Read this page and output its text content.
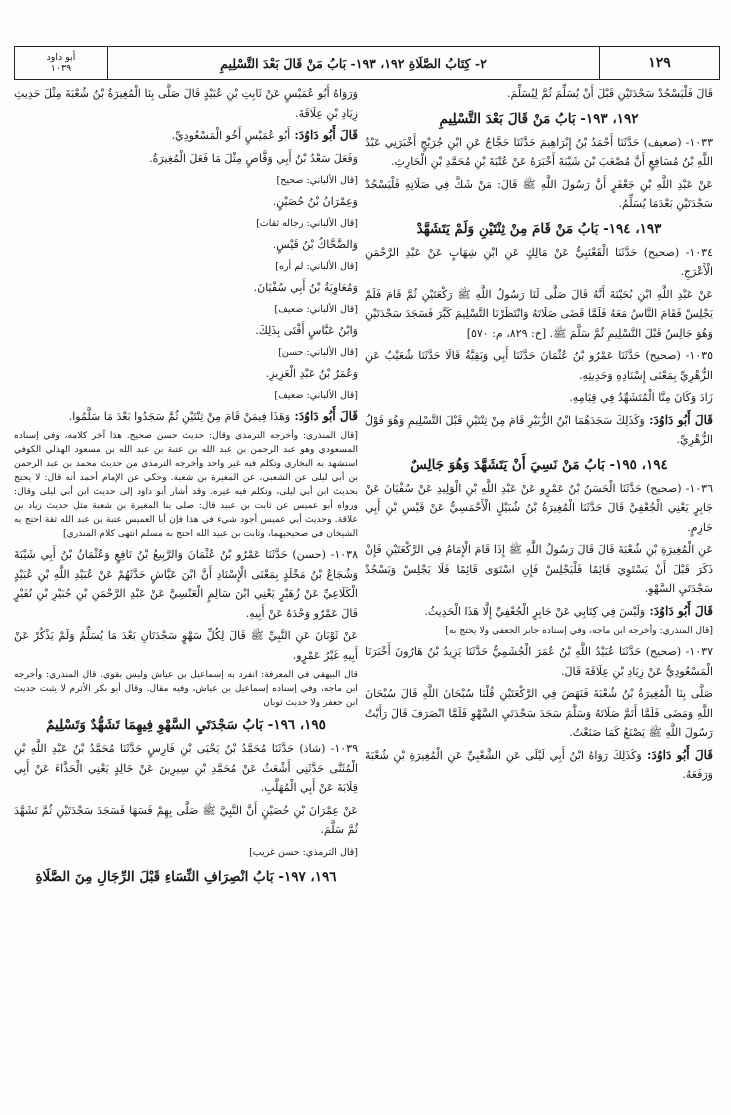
أبو داود
١٠٣٩	٢- كِتَابُ الصَّلَاةِ ١٩٢، ١٩٣- بَابُ مَنْ قَالَ بَعْدَ التَّسْلِيمِ	١٢٩
قَالَ فَلْيَسْجُدْ سَجْدَتَيْنِ قَبْلَ أَنْ يُسَلِّمَ ثُمَّ لِيُسَلِّمَ.
١٩٢، ١٩٣- بَابُ مَنْ قَالَ بَعْدَ التَّسْلِيمِ
١٠٣٣- (ضعيف) حَدَّثَنَا أَحْمَدُ بْنُ إِبْرَاهِيمَ حَدَّثَنَا حَجَّاجٌ عَنِ ابْنِ جُرَيْجٍ أَخْبَرَنِي عَبْدُ اللَّهِ بْنُ مُسَافِعٍ أَنَّ مُصْعَبَ بْنَ شَيْبَةَ أَخْبَرَهُ عَنْ عُتْبَةَ بْنِ مُحَمَّدِ بْنِ الْحَارِثِ.
عَنْ عَبْدِ اللَّهِ بْنِ جَعْفَرٍ أَنَّ رَسُولَ اللَّهِ ﷺ قَالَ: مَنْ شَكَّ فِي صَلَاتِهِ فَلْيَسْجُدْ سَجْدَتَيْنِ بَعْدَمَا يُسَلِّمُ.
١٩٣، ١٩٤- بَابُ مَنْ قَامَ مِنْ ثِنْتَيْنِ وَلَمْ يَتَشَهَّدْ
١٠٣٤- (صحيح) حَدَّثَنَا الْقَعْنَبِيُّ عَنْ مَالِكٍ عَنِ ابْنِ شِهَابٍ عَنْ عَبْدِ الرَّحْمَنِ الْأَعْرَجِ.
عَنْ عَبْدِ اللَّهِ ابْنِ بُحَيْنَةَ أَنَّهُ قَالَ صَلَّى لَنَا رَسُولُ اللَّهِ ﷺ رَكْعَتَيْنِ ثُمَّ قَامَ فَلَمْ يَجْلِسْ فَقَامَ النَّاسُ مَعَهُ فَلَمَّا قَضَى صَلَاتَهُ وَانْتَظَرْنَا التَّسْلِيمَ كَبَّرَ فَسَجَدَ سَجْدَتَيْنِ وَهُوَ جَالِسٌ قَبْلَ التَّسْلِيمِ ثُمَّ سَلَّمَ ﷺ. [خ: ٨٢٩، م: ٥٧٠]
١٠٣٥- (صحيح) حَدَّثَنَا عَمْرُو بْنُ عُثْمَانَ حَدَّثَنَا أَبِي وَبَقِيَّةُ قَالَا حَدَّثَنَا شُعَيْبٌ عَنِ الزُّهْرِيِّ بِمَعْنَى إِسْنَادِهِ وَحَدِيثِهِ.
زَادَ وَكَانَ مِنَّا الْمُتَشَهِّدُ فِي قِيَامِهِ.
قَالَ أَبُو دَاوُدَ: وَكَذَلِكَ سَجَدَهُمَا ابْنُ الزُّبَيْرِ قَامَ مِنْ ثِنْتَيْنِ قَبْلَ التَّسْلِيمِ وَهُوَ قَوْلُ الزُّهْرِيِّ.
١٩٤، ١٩٥- بَابُ مَنْ نَسِيَ أَنْ يَتَشَهَّدَ وَهُوَ جَالِسٌ
١٠٣٦- (صحيح) حَدَّثَنَا الْحَسَنُ بْنُ عَمْرٍو عَنْ عَبْدِ اللَّهِ بْنِ الْوَلِيدِ عَنْ سُفْيَانَ عَنْ جَابِرٍ يَعْنِي الْجُعْفِيَّ قَالَ حَدَّثَنَا الْمُغِيرَةُ بْنُ شُبَيْلٍ الْأَحْمَسِيُّ عَنْ قَيْسِ بْنِ أَبِي حَازِمٍ.
عَنِ الْمُغِيرَةِ بْنِ شُعْبَةَ قَالَ قَالَ رَسُولُ اللَّهِ ﷺ إِذَا قَامَ الْإِمَامُ فِي الرَّكْعَتَيْنِ فَإِنْ ذَكَرَ قَبْلَ أَنْ يَسْتَوِيَ قَائِمًا فَلْيَجْلِسْ فَإِنِ اسْتَوَى قَائِمًا فَلَا يَجْلِسْ وَيَسْجُدْ سَجْدَتَيِ السَّهْوِ.
قَالَ أَبُو دَاوُدَ: وَلَيْسَ فِي كِتَابِي عَنْ جَابِرٍ الْجُعْفِيِّ إِلَّا هَذَا الْحَدِيثُ.
[قال المنذري: وأخرجه ابن ماجه، وفي إسناده جابر الجعفي ولا يحتج به]
١٠٣٧- (صحيح) حَدَّثَنَا عُبَيْدُ اللَّهِ بْنُ عُمَرَ الْجُشَمِيُّ حَدَّثَنَا يَزِيدُ بْنُ هَارُونَ أَخْبَرَنَا الْمَسْعُودِيُّ عَنْ زِيَادِ بْنِ عِلَاقَةَ قَالَ.
صَلَّى بِنَا الْمُغِيرَةُ بْنُ شُعْبَةَ فَنَهَضَ فِي الرَّكْعَتَيْنِ قُلْنَا سُبْحَانَ اللَّهِ قَالَ سُبْحَانَ اللَّهِ وَمَضَى فَلَمَّا أَتَمَّ صَلَاتَهُ وَسَلَّمَ سَجَدَ سَجْدَتَيِ السَّهْوِ فَلَمَّا انْصَرَفَ قَالَ رَأَيْتُ رَسُولَ اللَّهِ ﷺ يَصْنَعُ كَمَا صَنَعْتُ.
قَالَ أَبُو دَاوُدَ: وَكَذَلِكَ رَوَاهُ ابْنُ أَبِي لَيْلَى عَنِ الشَّعْبِيِّ عَنِ الْمُغِيرَةِ بْنِ شُعْبَةَ وَرَفَعَهُ.
وَرَوَاهُ أَبُو عُمَيْسٍ عَنْ ثَابِتِ بْنِ عُبَيْدٍ قَالَ صَلَّى بِنَا الْمُغِيرَةُ بْنُ شُعْبَةَ مِثْلَ حَدِيثِ زِيَادِ بْنِ عِلَاقَةَ.
قَالَ أَبُو دَاوُدَ: أَبُو عُمَيْسٍ أَخُو الْمَسْعُودِيِّ.
وَفَعَلَ سَعْدُ بْنُ أَبِي وَقَّاصٍ مِثْلَ مَا فَعَلَ الْمُغِيرَةُ.
[قال الألباني: صحيح]
وَعِمْرَانُ بْنُ حُصَيْنٍ.
[قال الألباني: رجاله ثقات]
وَالضَّحَّاكُ بْنُ قَيْسٍ.
[قال الألباني: لم أره]
وَمُعَاوِيَةُ بْنُ أَبِي سُفْيَانَ.
[قال الألباني: ضعيف]
وَابْنُ عَبَّاسٍ أَفْتَى بِذَلِكَ.
[قال الألباني: حسن]
وَعُمَرُ بْنُ عَبْدِ الْعَزِيزِ.
[قال الألباني: ضعيف]
قَالَ أَبُو دَاوُدَ: وَهَذَا فِيمَنْ قَامَ مِنْ ثِنْتَيْنِ ثُمَّ سَجَدُوا بَعْدَ مَا سَلَّمُوا.
[قال المنذري: وأخرجه الترمذي وقال: حديث حسن صحيح. هذا آخر كلامه، وفي إسناده المسعودي وهو عبد الرحمن بن عبد الله بن عتبة بن عبد الله بن مسعود الهذلي الكوفي استشهد به البخاري وتكلم فيه غير واحد وأخرجه الترمذي من حديث محمد بن عبد الرحمن بن أبي ليلى عن الشعبي، عن المغيرة بن شعبة. وحكي عن الإمام أحمد أنه قال: لا يحتج بحديث ابن أبي ليلى، وتكلم فيه غيره. وقد أشار أبو داود إلى حديث ابن أبي ليلى وقال: ورواه أبو عميس عن ثابت بن عبيد قال: صلى بنا المغيرة بن شعبة مثل حديث زياد بن علاقة. وحديث أبي عميس أجود شيء في هذا فإن أبا العميس عتبة بن عبد الله ثقة احتج به الشيخان في صحيحيهما، وثابت بن عبيد الله احتج به مسلم انتهى كلام المنذري]
١٠٣٨- (حسن) حَدَّثَنَا عَمْرُو بْنُ عُثْمَانَ وَالرَّبِيعُ بْنُ نَافِعٍ وَعُثْمَانُ بْنُ أَبِي شَيْبَةَ وَشُجَاعُ بْنُ مَخْلَدٍ بِمَعْنَى الْإِسْنَادِ أَنَّ ابْنَ عَيَّاشٍ حَدَّثَهُمْ عَنْ عُبَيْدِ اللَّهِ بْنِ عُبَيْدٍ الْكَلَاعِيِّ عَنْ زُهَيْرٍ يَعْنِي ابْنَ سَالِمٍ الْعَنْسِيَّ عَنْ عَبْدِ الرَّحْمَنِ بْنِ جُبَيْرِ بْنِ نُفَيْرٍ قَالَ عَمْرٌو وَحْدَهُ عَنْ أَبِيهِ.
عَنْ ثَوْبَانَ عَنِ النَّبِيِّ ﷺ قَالَ لِكُلِّ سَهْوٍ سَجْدَتَانِ بَعْدَ مَا يُسَلِّمُ وَلَمْ يَذْكُرْ عَنْ أَبِيهِ غَيْرُ عَمْرٍو.
قال البيهقي في المعرفة: انفرد به إسماعيل بن عياش وليس بقوي. قال المنذري: وأخرجه ابن ماجه، وفي إسناده إسماعيل بن عياش، وفيه مقال. وقال أبو بكر الأثرم لا يثبت حديث ابن جعفر ولا حديث ثوبان
١٩٥، ١٩٦- بَابُ سَجْدَتَيِ السَّهْوِ فِيهِمَا تَشَهُّدٌ وَتَسْلِيمٌ
١٠٣٩- (شاذ) حَدَّثَنَا مُحَمَّدُ بْنُ يَحْيَى بْنِ فَارِسٍ حَدَّثَنَا مُحَمَّدُ بْنُ عَبْدِ اللَّهِ بْنِ الْمُثَنَّى حَدَّثَنِي أَشْعَثُ عَنْ مُحَمَّدِ بْنِ سِيرِينَ عَنْ خَالِدٍ يَعْنِي الْحَذَّاءَ عَنْ أَبِي قِلَابَةَ عَنْ أَبِي الْمُهَلَّبِ.
عَنْ عِمْرَانَ بْنِ حُصَيْنٍ أَنَّ النَّبِيَّ ﷺ صَلَّى بِهِمْ فَسَهَا فَسَجَدَ سَجْدَتَيْنِ ثُمَّ تَشَهَّدَ ثُمَّ سَلَّمَ.
[قال الترمذي: حسن غريب]
١٩٦، ١٩٧- بَابُ انْصِرَافِ النِّسَاءِ قَبْلَ الرِّجَالِ مِنَ الصَّلَاةِ
